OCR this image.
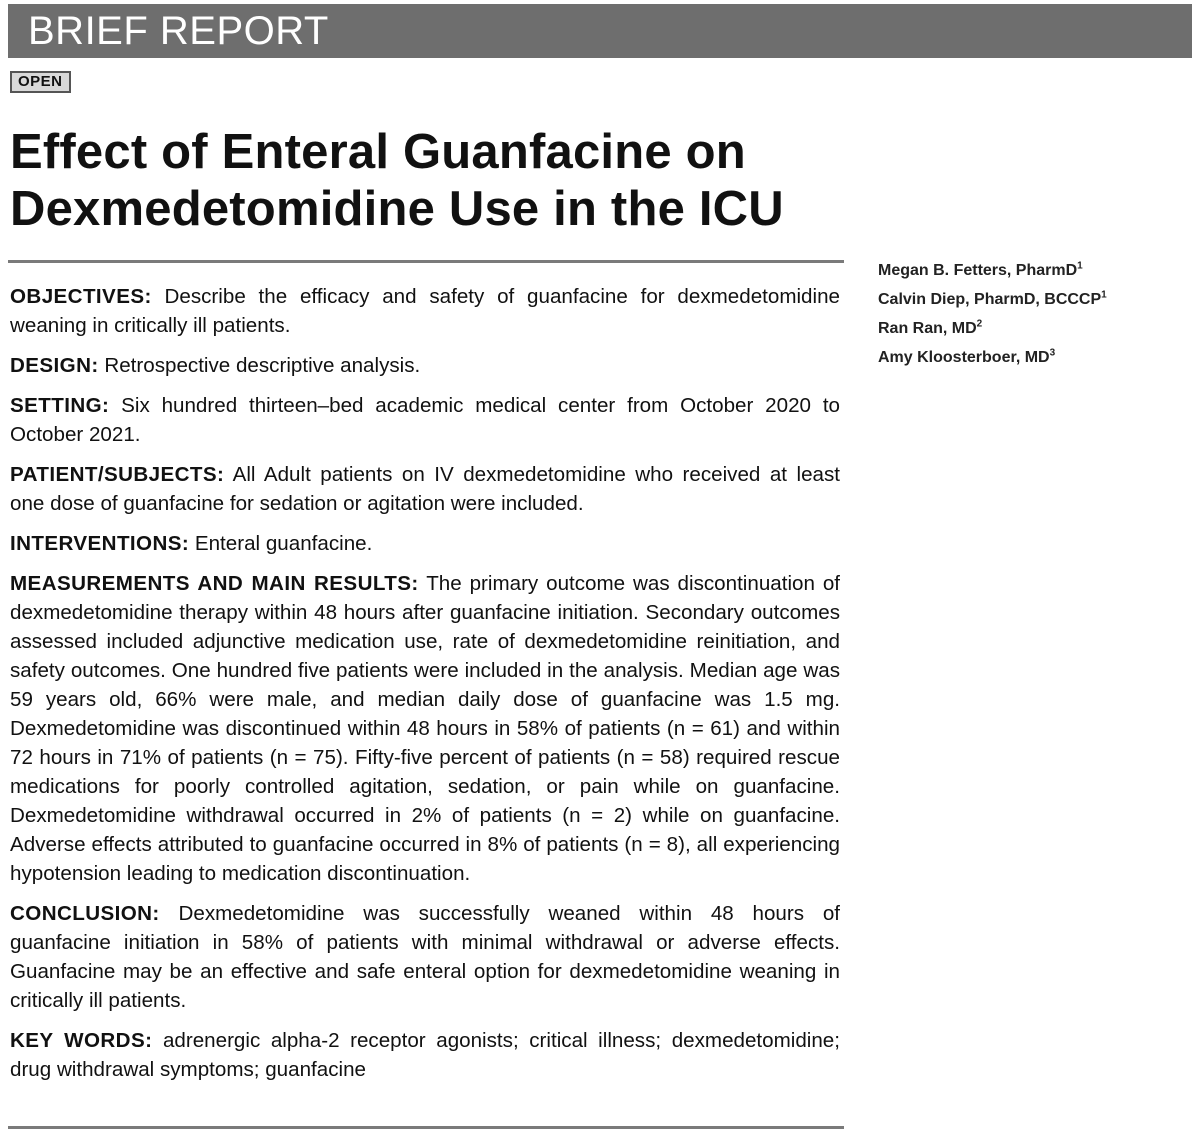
BRIEF REPORT
OPEN
Effect of Enteral Guanfacine on Dexmedetomidine Use in the ICU

OBJECTIVES: Describe the efficacy and safety of guanfacine for dexmedetomidine weaning in critically ill patients.

DESIGN: Retrospective descriptive analysis.

SETTING: Six hundred thirteen–bed academic medical center from October 2020 to October 2021.

PATIENT/SUBJECTS: All Adult patients on IV dexmedetomidine who received at least one dose of guanfacine for sedation or agitation were included.

INTERVENTIONS: Enteral guanfacine.

MEASUREMENTS AND MAIN RESULTS: The primary outcome was discontinuation of dexmedetomidine therapy within 48 hours after guanfacine initiation. Secondary outcomes assessed included adjunctive medication use, rate of dexmedetomidine reinitiation, and safety outcomes. One hundred five patients were included in the analysis. Median age was 59 years old, 66% were male, and median daily dose of guanfacine was 1.5 mg. Dexmedetomidine was discontinued within 48 hours in 58% of patients (n = 61) and within 72 hours in 71% of patients (n = 75). Fifty-five percent of patients (n = 58) required rescue medications for poorly controlled agitation, sedation, or pain while on guanfacine. Dexmedetomidine withdrawal occurred in 2% of patients (n = 2) while on guanfacine. Adverse effects attributed to guanfacine occurred in 8% of patients (n = 8), all experiencing hypotension leading to medication discontinuation.

CONCLUSION: Dexmedetomidine was successfully weaned within 48 hours of guanfacine initiation in 58% of patients with minimal withdrawal or adverse effects. Guanfacine may be an effective and safe enteral option for dexmedetomidine weaning in critically ill patients.

KEY WORDS: adrenergic alpha-2 receptor agonists; critical illness; dexmedetomidine; drug withdrawal symptoms; guanfacine

Megan B. Fetters, PharmD$^1$
Calvin Diep, PharmD, BCCCP$^1$
Ran Ran, $MD^2$
Amy Kloosterboer, $MD^3$
